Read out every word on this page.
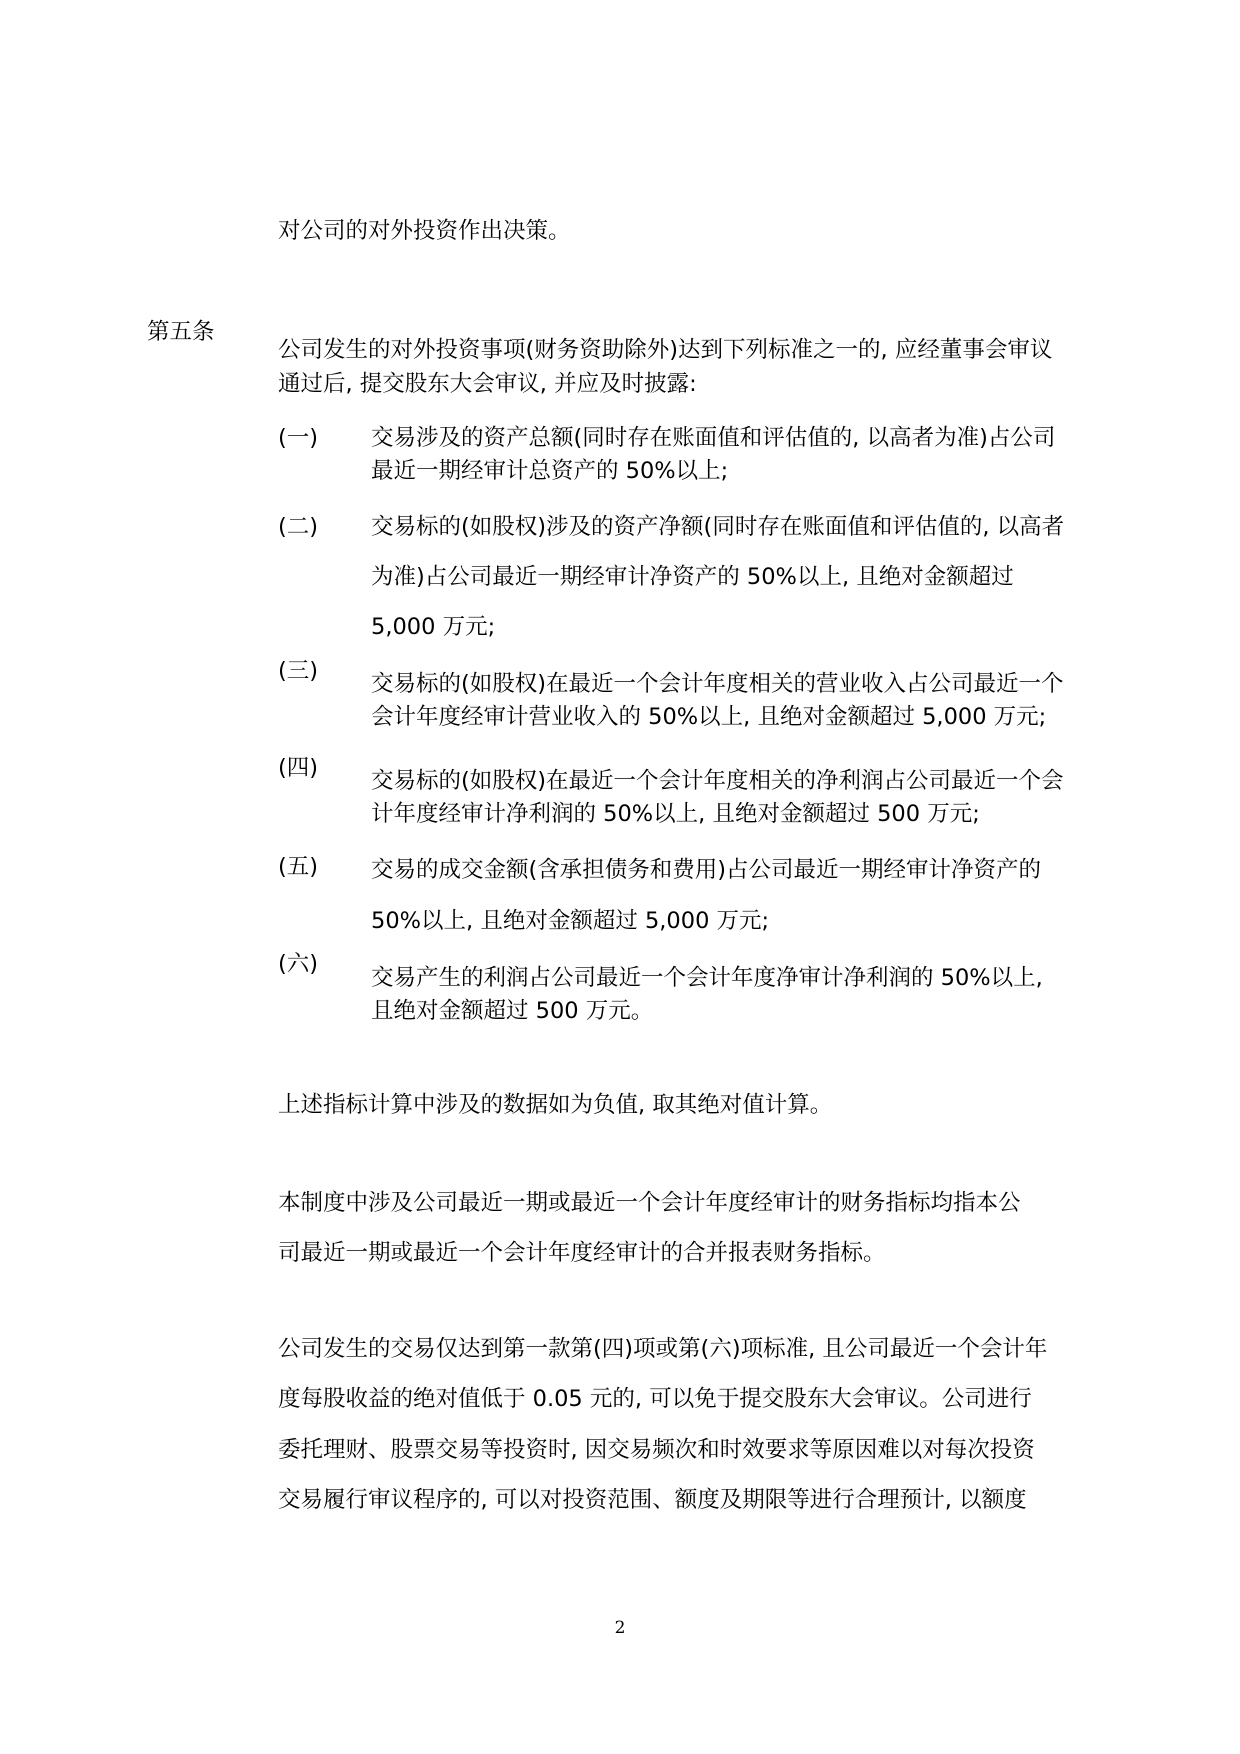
对公司的对外投资作出决策。
第五条
公司发生的对外投资事项(财务资助除外)达到下列标准之一的, 应经董事会审议
通过后, 提交股东大会审议, 并应及时披露:
(一) 交易涉及的资产总额(同时存在账面值和评估值的, 以高者为准)占公司
最近一期经审计总资产的 50%以上;
(二) 交易标的(如股权)涉及的资产净额(同时存在账面值和评估值的, 以高者
为准)占公司最近一期经审计净资产的 50%以上, 且绝对金额超过
5,000 万元;
(三) 交易标的(如股权)在最近一个会计年度相关的营业收入占公司最近一个
会计年度经审计营业收入的 50%以上, 且绝对金额超过 5,000 万元;
(四) 交易标的(如股权)在最近一个会计年度相关的净利润占公司最近一个会
计年度经审计净利润的 50%以上, 且绝对金额超过 500 万元;
(五) 交易的成交金额(含承担债务和费用)占公司最近一期经审计净资产的
50%以上, 且绝对金额超过 5,000 万元;
(六)
交易产生的利润占公司最近一个会计年度净审计净利润的 50%以上,
且绝对金额超过 500 万元。
上述指标计算中涉及的数据如为负值, 取其绝对值计算。
本制度中涉及公司最近一期或最近一个会计年度经审计的财务指标均指本公
司最近一期或最近一个会计年度经审计的合并报表财务指标。
公司发生的交易仅达到第一款第(四)项或第(六)项标准, 且公司最近一个会计年
度每股收益的绝对值低于 0.05 元的, 可以免于提交股东大会审议。公司进行
委托理财、股票交易等投资时, 因交易频次和时效要求等原因难以对每次投资
交易履行审议程序的, 可以对投资范围、额度及期限等进行合理预计, 以额度
2
